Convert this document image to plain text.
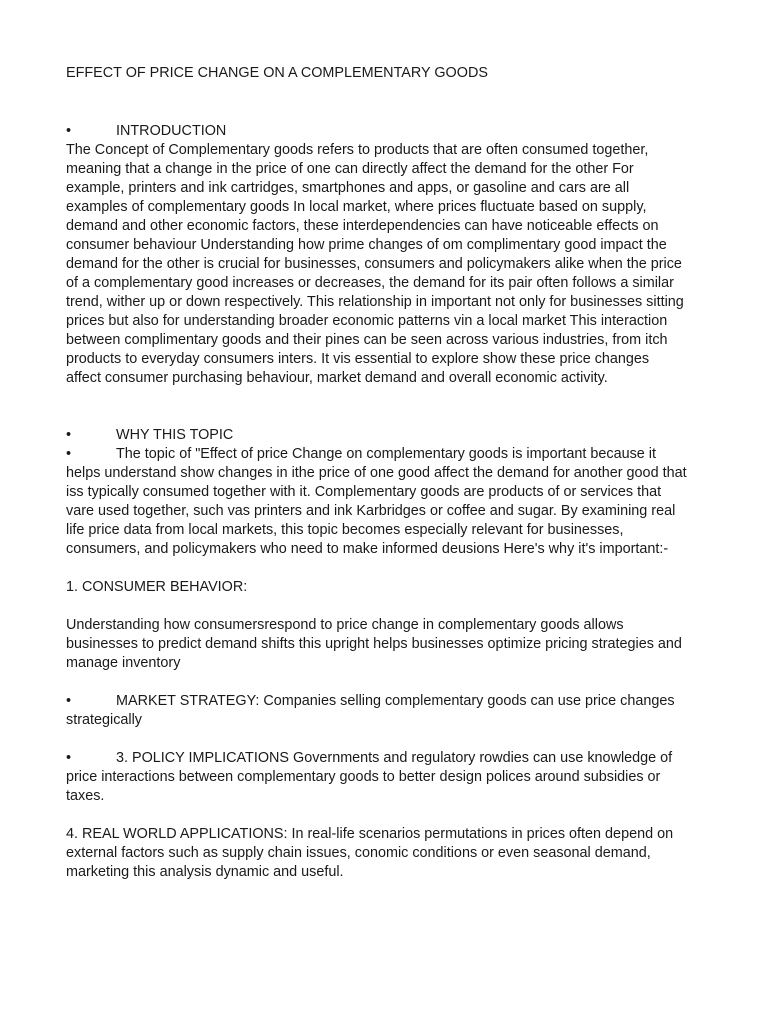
EFFECT OF PRICE CHANGE ON A COMPLEMENTARY GOODS
•	INTRODUCTION

The Concept of Complementary goods refers to products that are often consumed together, meaning that a change in the price of one can directly affect the demand for the other For example, printers and ink cartridges, smartphones and apps, or gasoline and cars are all examples of complementary goods In local market, where prices fluctuate based on supply, demand and other economic factors, these interdependencies can have noticeable effects on consumer behaviour Understanding how prime changes of om complimentary good impact the demand for the other is crucial for businesses, consumers and policymakers alike when the price of a complementary good increases or decreases, the demand for its pair often follows a similar trend, wither up or down respectively. This relationship in important not only for businesses sitting prices but also for understanding broader economic patterns vin a local market This interaction between complimentary goods and their pines can be seen across various industries, from itch products to everyday consumers inters. It vis essential to explore show these price changes affect consumer purchasing behaviour, market demand and overall economic activity.

•	WHY THIS TOPIC

•	The topic of "Effect of price Change on complementary goods is important because it helps understand show changes in ithe price of one good affect the demand for another good that iss typically consumed together with it. Complementary goods are products of or services that vare used together, such vas printers and ink Karbridges or coffee and sugar. By examining real life price data from local markets, this topic becomes especially relevant for businesses, consumers, and policymakers who need to make informed deusions Here's why it's important:-

1. CONSUMER BEHAVIOR:

Understanding how consumersrespond to price change in complementary goods allows businesses to predict demand shifts this upright helps businesses optimize pricing strategies and manage inventory

•	MARKET STRATEGY: Companies selling complementary goods can use price changes strategically

•	3. POLICY IMPLICATIONS Governments and regulatory rowdies can use knowledge of price interactions between complementary goods to better design polices around subsidies or taxes.

4. REAL WORLD APPLICATIONS: In real-life scenarios permutations in prices often depend on external factors such as supply chain issues, conomic conditions or even seasonal demand, marketing this analysis dynamic and useful.
